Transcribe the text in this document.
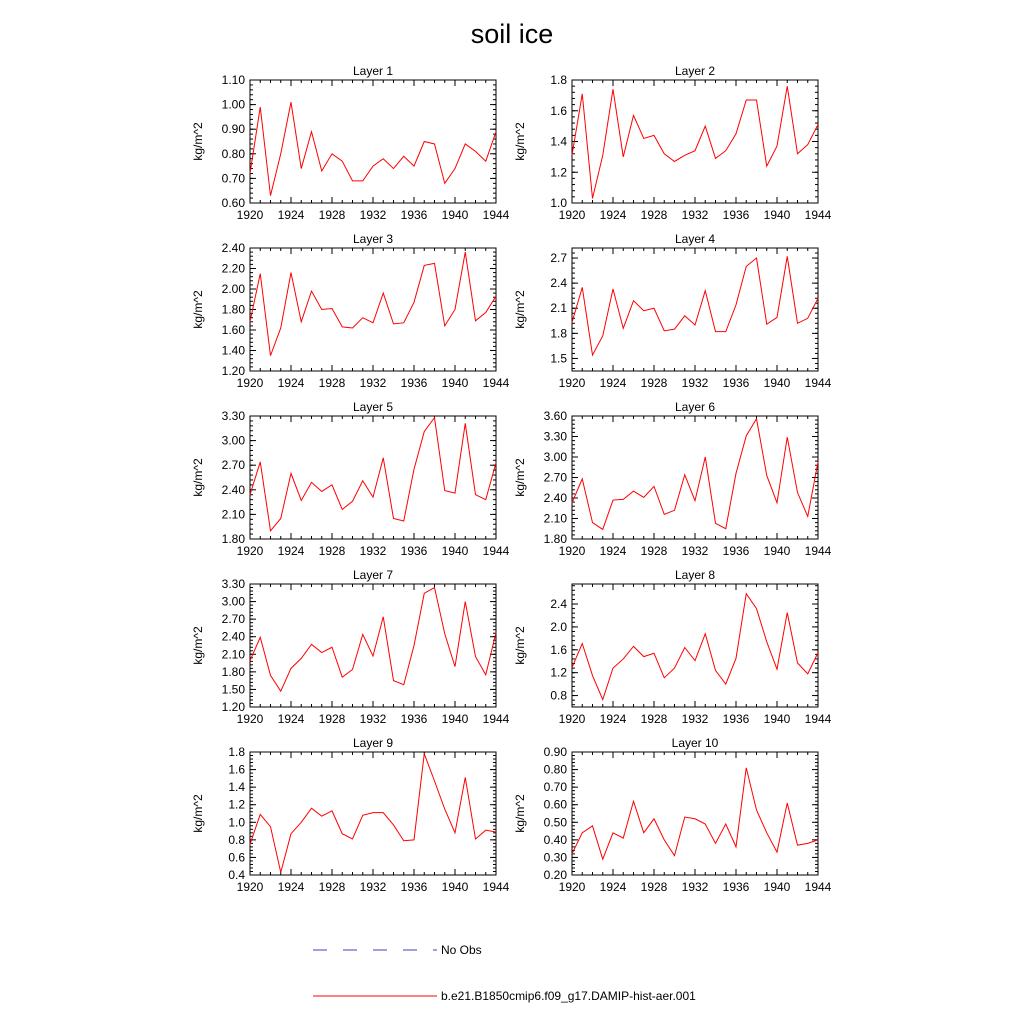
soil ice
Layer 1
1920 1924 1928 1932 1936 1940 1944
0.60
0.70
0.80
0.90
1.00
1.10
kg/m^2
Layer 2
1920 1924 1928 1932 1936 1940 1944
1.0
1.2
1.4
1.6
1.8
kg/m^2
Layer 3
1920 1924 1928 1932 1936 1940 1944
1.20
1.40
1.60
1.80
2.00
2.20
2.40
kg/m^2
Layer 4
1920 1924 1928 1932 1936 1940 1944
1.5
1.8
2.1
2.4
2.7
kg/m^2
Layer 5
1920 1924 1928 1932 1936 1940 1944
1.80
2.10
2.40
2.70
3.00
3.30
kg/m^2
Layer 6
1920 1924 1928 1932 1936 1940 1944
1.80
2.10
2.40
2.70
3.00
3.30
3.60
kg/m^2
Layer 7
1920 1924 1928 1932 1936 1940 1944
1.20
1.50
1.80
2.10
2.40
2.70
3.00
3.30
kg/m^2
Layer 8
1920 1924 1928 1932 1936 1940 1944
0.8
1.2
1.6
2.0
2.4
kg/m^2
Layer 9
1920 1924 1928 1932 1936 1940 1944
0.4
0.6
0.8
1.0
1.2
1.4
1.6
1.8
kg/m^2
Layer 10
1920 1924 1928 1932 1936 1940 1944
0.20
0.30
0.40
0.50
0.60
0.70
0.80
0.90
kg/m^2
No Obs
b.e21.B1850cmip6.f09_g17.DAMIP-hist-aer.001
